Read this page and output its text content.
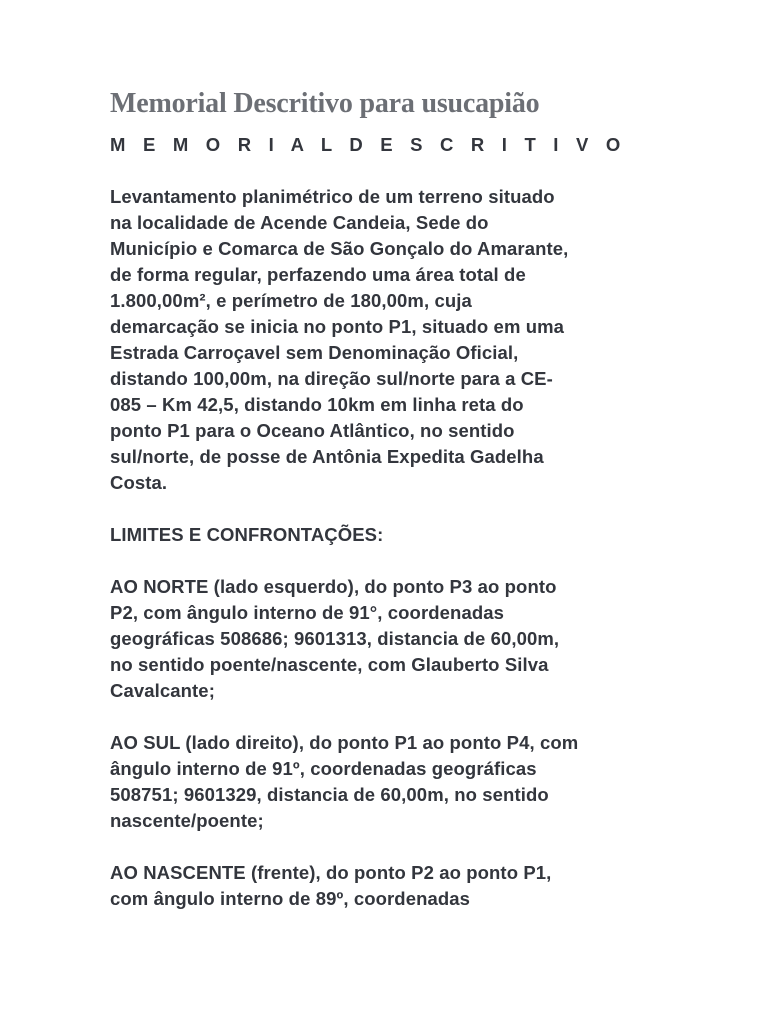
Memorial Descritivo para usucapião

M E M O R I A L D E S C R I T I V O

Levantamento planimétrico de um terreno situado
na localidade de Acende Candeia, Sede do
Município e Comarca de São Gonçalo do Amarante,
de forma regular, perfazendo uma área total de
1.800,00m², e perímetro de 180,00m, cuja
demarcação se inicia no ponto P1, situado em uma
Estrada Carroçavel sem Denominação Oficial,
distando 100,00m, na direção sul/norte para a CE-
085 – Km 42,5, distando 10km em linha reta do
ponto P1 para o Oceano Atlântico, no sentido
sul/norte, de posse de Antônia Expedita Gadelha
Costa.

LIMITES E CONFRONTAÇÕES:

AO NORTE (lado esquerdo), do ponto P3 ao ponto
P2, com ângulo interno de 91°, coordenadas
geográficas 508686; 9601313, distancia de 60,00m,
no sentido poente/nascente, com Glauberto Silva
Cavalcante;
AO SUL (lado direito), do ponto P1 ao ponto P4, com
ângulo interno de 91º, coordenadas geográficas
508751; 9601329, distancia de 60,00m, no sentido
nascente/poente;
AO NASCENTE (frente), do ponto P2 ao ponto P1,
com ângulo interno de 89º, coordenadas
